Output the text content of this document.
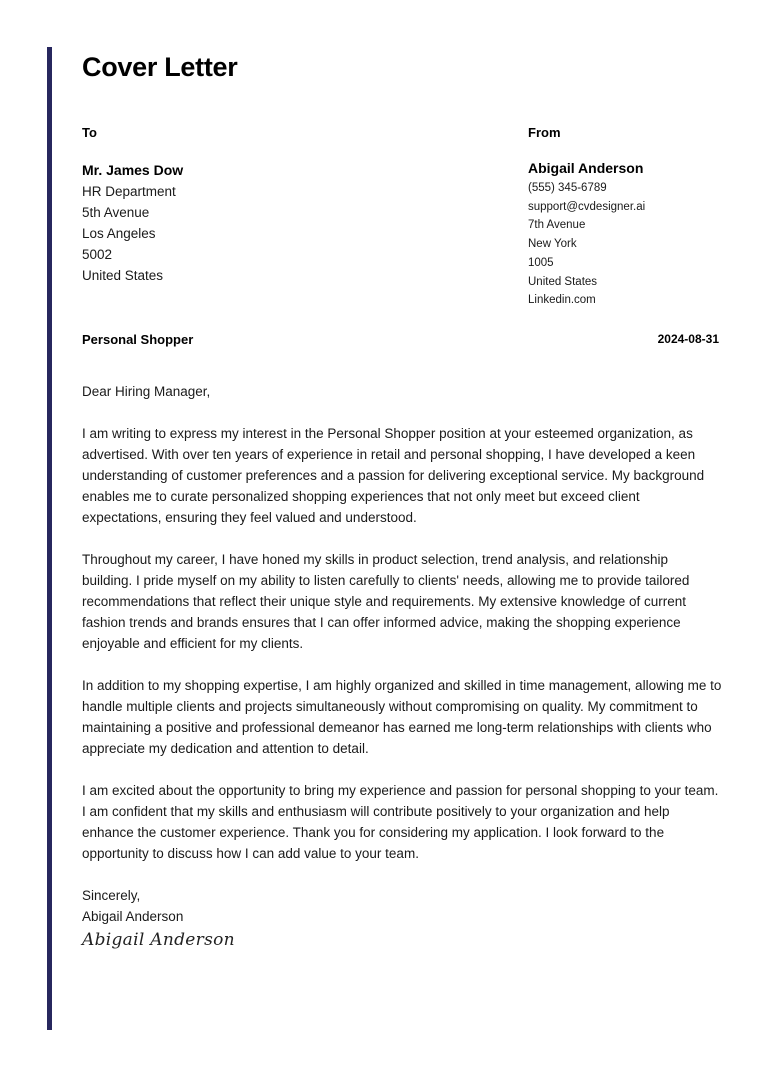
Cover Letter
To	From
Mr. James Dow
HR Department
5th Avenue
Los Angeles
5002
United States
Abigail Anderson
(555) 345-6789
support@cvdesigner.ai
7th Avenue
New York
1005
United States
Linkedin.com
Personal Shopper	2024-08-31

Dear Hiring Manager,

I am writing to express my interest in the Personal Shopper position at your esteemed organization, as advertised. With over ten years of experience in retail and personal shopping, I have developed a keen understanding of customer preferences and a passion for delivering exceptional service. My background enables me to curate personalized shopping experiences that not only meet but exceed client expectations, ensuring they feel valued and understood.

Throughout my career, I have honed my skills in product selection, trend analysis, and relationship building. I pride myself on my ability to listen carefully to clients' needs, allowing me to provide tailored recommendations that reflect their unique style and requirements. My extensive knowledge of current fashion trends and brands ensures that I can offer informed advice, making the shopping experience enjoyable and efficient for my clients.

In addition to my shopping expertise, I am highly organized and skilled in time management, allowing me to handle multiple clients and projects simultaneously without compromising on quality. My commitment to maintaining a positive and professional demeanor has earned me long-term relationships with clients who appreciate my dedication and attention to detail.

I am excited about the opportunity to bring my experience and passion for personal shopping to your team. I am confident that my skills and enthusiasm will contribute positively to your organization and help enhance the customer experience. Thank you for considering my application. I look forward to the opportunity to discuss how I can add value to your team.

Sincerely,
Abigail Anderson
Abigail Anderson
